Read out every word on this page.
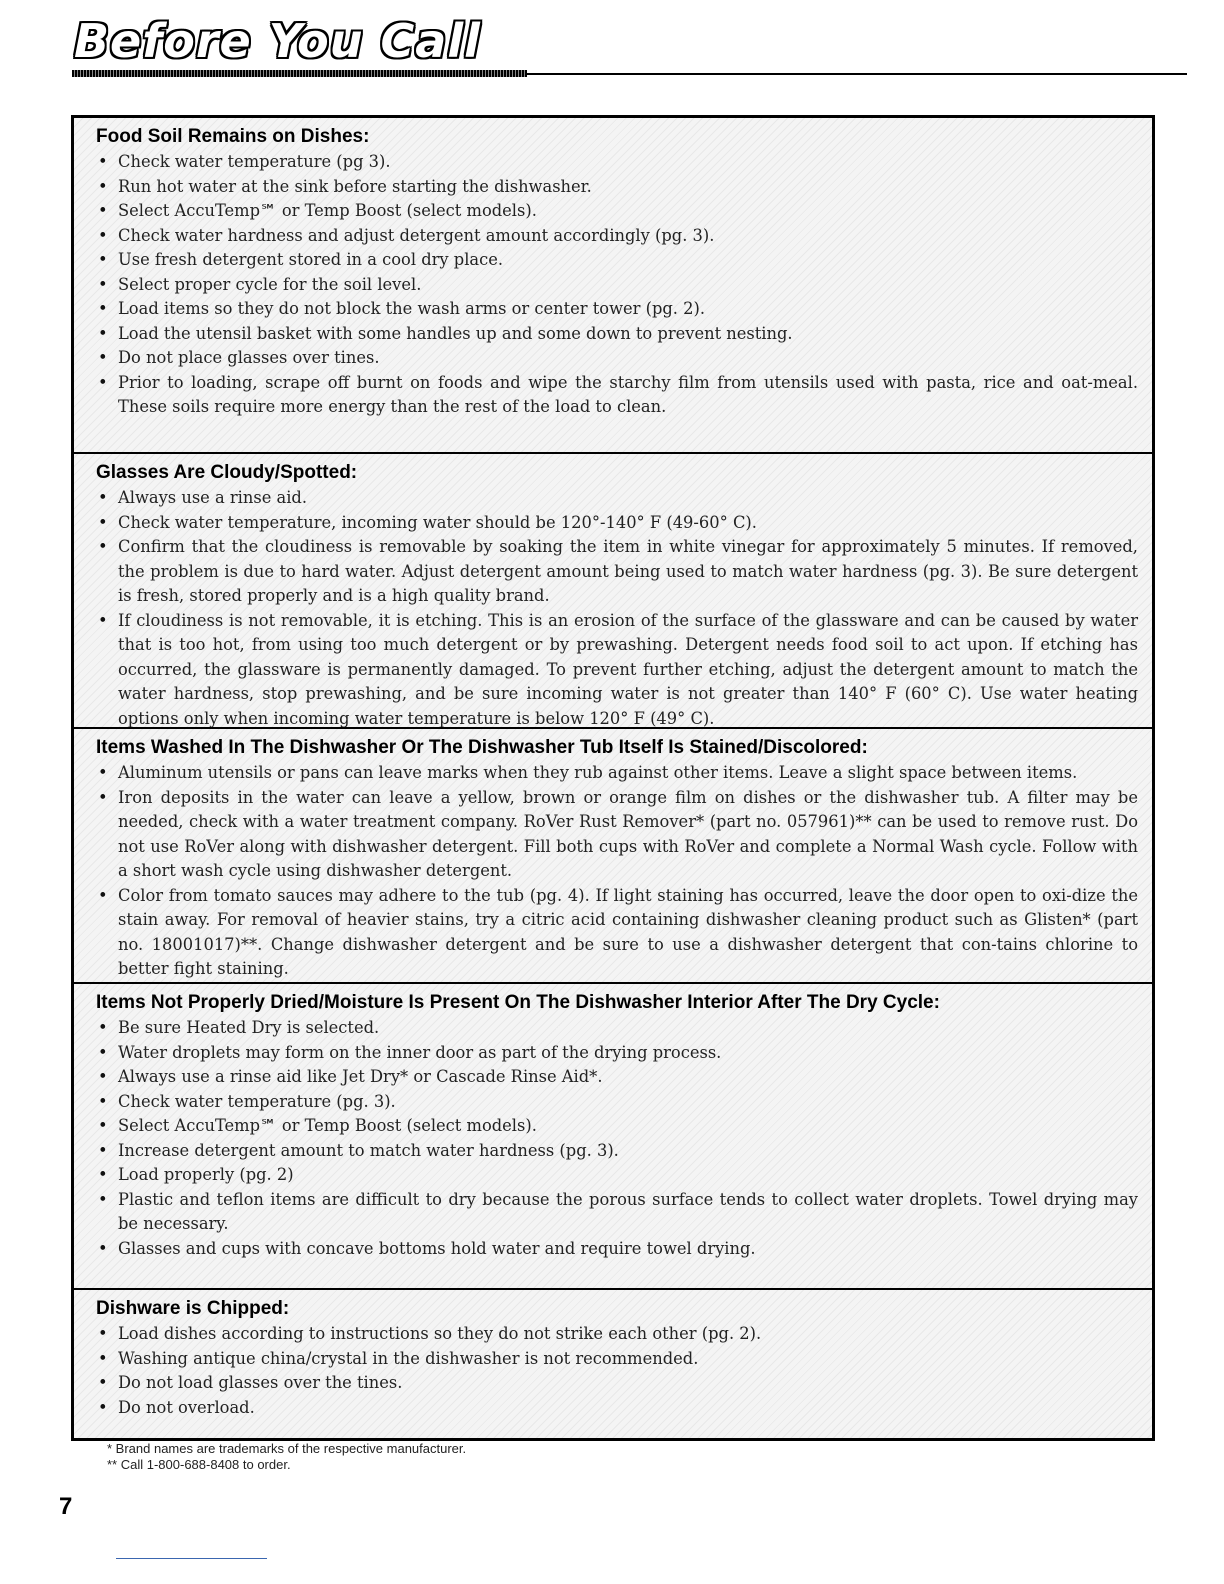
Before You Call
Food Soil Remains on Dishes:
• Check water temperature (pg 3).
• Run hot water at the sink before starting the dishwasher.
• Select AccuTemp℠ or Temp Boost (select models).
• Check water hardness and adjust detergent amount accordingly (pg. 3).
• Use fresh detergent stored in a cool dry place.
• Select proper cycle for the soil level.
• Load items so they do not block the wash arms or center tower (pg. 2).
• Load the utensil basket with some handles up and some down to prevent nesting.
• Do not place glasses over tines.
• Prior to loading, scrape off burnt on foods and wipe the starchy film from utensils used with pasta, rice and oat-meal. These soils require more energy than the rest of the load to clean.
Glasses Are Cloudy/Spotted:
• Always use a rinse aid.
• Check water temperature, incoming water should be 120°-140° F (49-60° C).
• Confirm that the cloudiness is removable by soaking the item in white vinegar for approximately 5 minutes. If removed, the problem is due to hard water. Adjust detergent amount being used to match water hardness (pg. 3). Be sure detergent is fresh, stored properly and is a high quality brand.
• If cloudiness is not removable, it is etching. This is an erosion of the surface of the glassware and can be caused by water that is too hot, from using too much detergent or by prewashing. Detergent needs food soil to act upon. If etching has occurred, the glassware is permanently damaged. To prevent further etching, adjust the detergent amount to match the water hardness, stop prewashing, and be sure incoming water is not greater than 140° F (60° C). Use water heating options only when incoming water temperature is below 120° F (49° C).
Items Washed In The Dishwasher Or The Dishwasher Tub Itself Is Stained/Discolored:
• Aluminum utensils or pans can leave marks when they rub against other items. Leave a slight space between items.
• Iron deposits in the water can leave a yellow, brown or orange film on dishes or the dishwasher tub. A filter may be needed, check with a water treatment company. RoVer Rust Remover* (part no. 057961)** can be used to remove rust. Do not use RoVer along with dishwasher detergent. Fill both cups with RoVer and complete a Normal Wash cycle. Follow with a short wash cycle using dishwasher detergent.
• Color from tomato sauces may adhere to the tub (pg. 4). If light staining has occurred, leave the door open to oxi-dize the stain away. For removal of heavier stains, try a citric acid containing dishwasher cleaning product such as Glisten* (part no. 18001017)**. Change dishwasher detergent and be sure to use a dishwasher detergent that con-tains chlorine to better fight staining.
Items Not Properly Dried/Moisture Is Present On The Dishwasher Interior After The Dry Cycle:
• Be sure Heated Dry is selected.
• Water droplets may form on the inner door as part of the drying process.
• Always use a rinse aid like Jet Dry* or Cascade Rinse Aid*.
• Check water temperature (pg. 3).
• Select AccuTemp℠ or Temp Boost (select models).
• Increase detergent amount to match water hardness (pg. 3).
• Load properly (pg. 2)
• Plastic and teflon items are difficult to dry because the porous surface tends to collect water droplets. Towel drying may be necessary.
• Glasses and cups with concave bottoms hold water and require towel drying.
Dishware is Chipped:
• Load dishes according to instructions so they do not strike each other (pg. 2).
• Washing antique china/crystal in the dishwasher is not recommended.
• Do not load glasses over the tines.
• Do not overload.

* Brand names are trademarks of the respective manufacturer.

** Call 1-800-688-8408 to order.

7
